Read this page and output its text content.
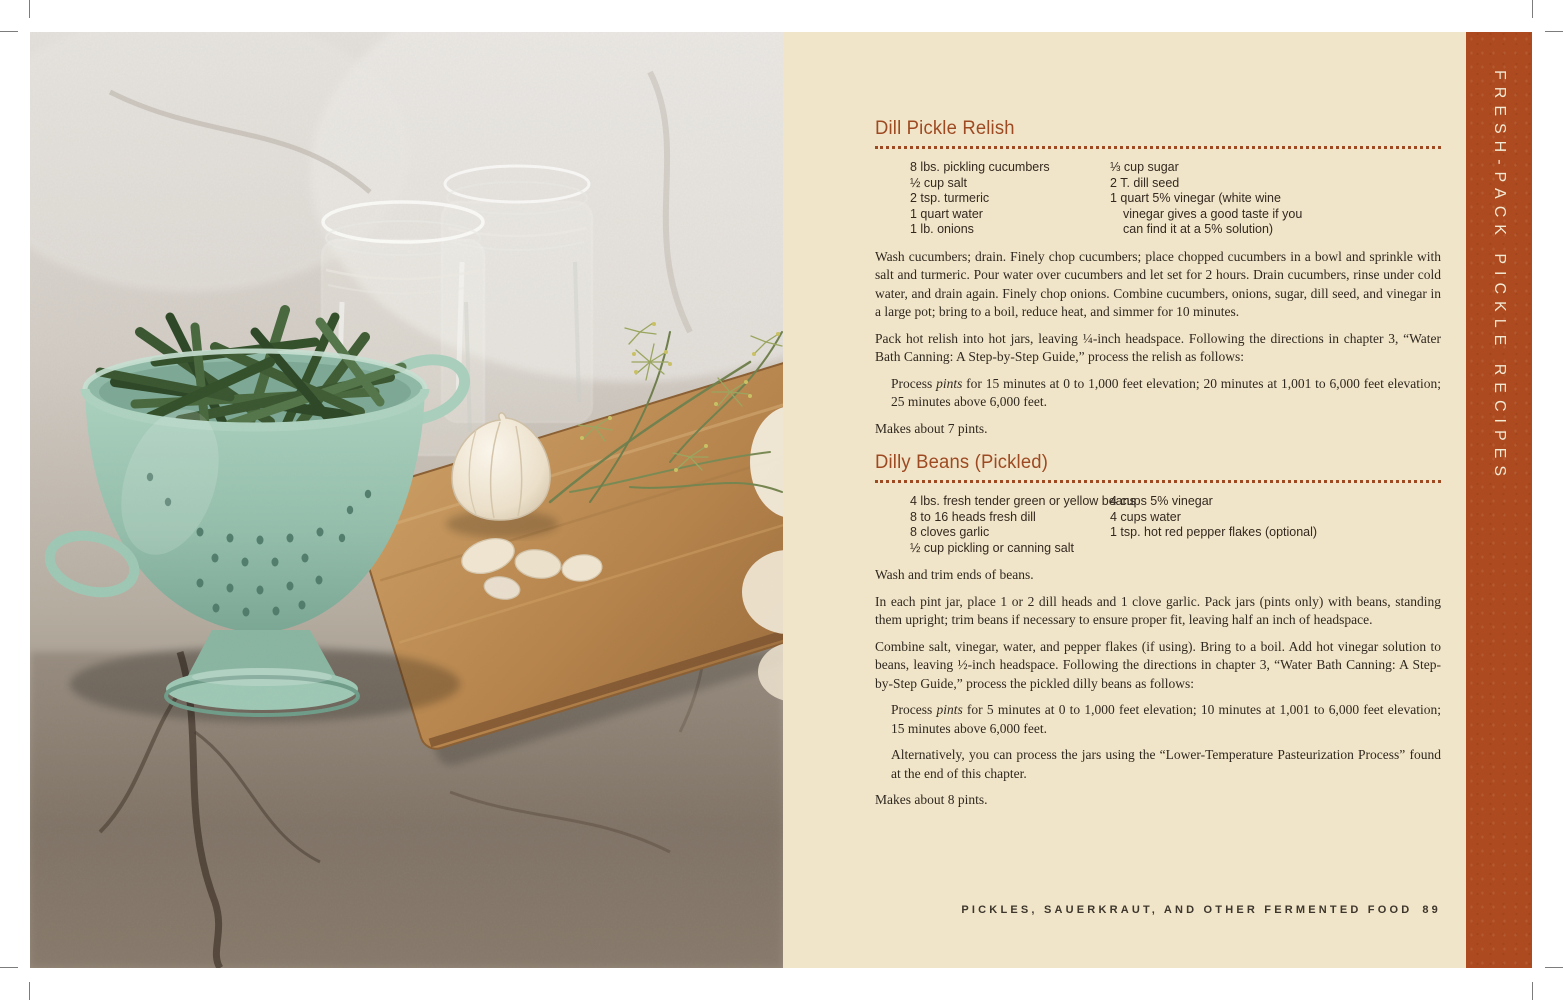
Dill Pickle Relish
8 lbs. pickling cucumbers
½ cup salt
2 tsp. turmeric
1 quart water
1 lb. onions
⅓ cup sugar
2 T. dill seed
1 quart 5% vinegar (white wine
vinegar gives a good taste if you
can find it at a 5% solution)

Wash cucumbers; drain. Finely chop cucumbers; place chopped cucumbers in a bowl and sprinkle with salt and turmeric. Pour water over cucumbers and let set for 2 hours. Drain cucumbers, rinse under cold water, and drain again. Finely chop onions. Combine cucumbers, onions, sugar, dill seed, and vinegar in a large pot; bring to a boil, reduce heat, and simmer for 10 minutes.

Pack hot relish into hot jars, leaving ¼-inch headspace. Following the directions in chapter 3, “Water Bath Canning: A Step-by-Step Guide,” process the relish as follows:

Process pints for 15 minutes at 0 to 1,000 feet elevation; 20 minutes at 1,001 to 6,000 feet elevation; 25 minutes above 6,000 feet.

Makes about 7 pints.

Dilly Beans (Pickled)
4 lbs. fresh tender green or yellow beans
8 to 16 heads fresh dill
8 cloves garlic
½ cup pickling or canning salt
4 cups 5% vinegar
4 cups water
1 tsp. hot red pepper flakes (optional)

Wash and trim ends of beans.

In each pint jar, place 1 or 2 dill heads and 1 clove garlic. Pack jars (pints only) with beans, standing them upright; trim beans if necessary to ensure proper fit, leaving half an inch of headspace.

Combine salt, vinegar, water, and pepper flakes (if using). Bring to a boil. Add hot vinegar solution to beans, leaving ½-inch headspace. Following the directions in chapter 3, “Water Bath Canning: A Step-by-Step Guide,” process the pickled dilly beans as follows:

Process pints for 5 minutes at 0 to 1,000 feet elevation; 10 minutes at 1,001 to 6,000 feet elevation; 15 minutes above 6,000 feet.

Alternatively, you can process the jars using the “Lower-Temperature Pasteurization Process” found at the end of this chapter.

Makes about 8 pints.

PICKLES, SAUERKRAUT, AND OTHER FERMENTED FOOD 89
FRESH-PACK PICKLE RECIPES
